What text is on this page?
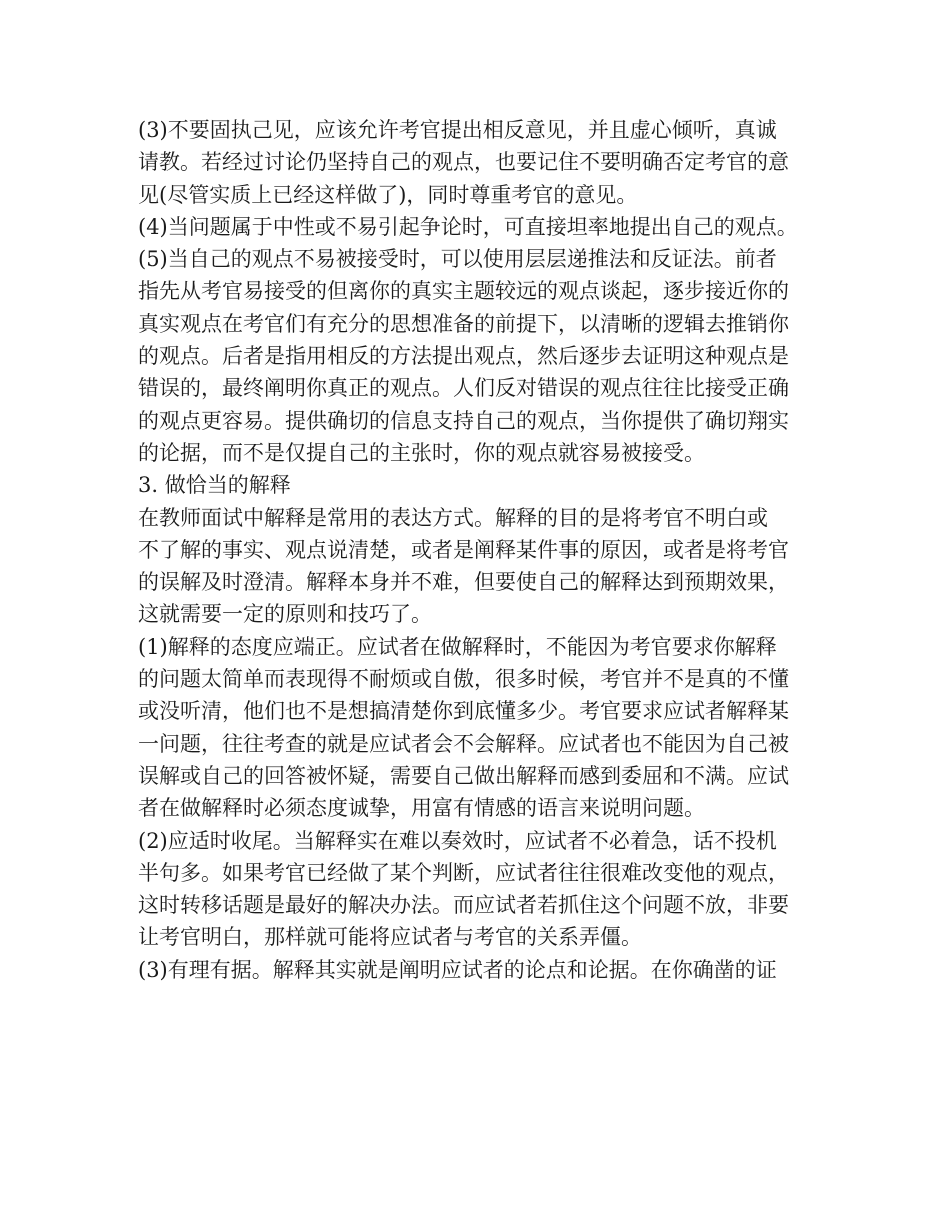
(3)不要固执己见，应该允许考官提出相反意见，并且虚心倾听，真诚
请教。若经过讨论仍坚持自己的观点，也要记住不要明确否定考官的意
见(尽管实质上已经这样做了)，同时尊重考官的意见。
(4)当问题属于中性或不易引起争论时，可直接坦率地提出自己的观点。
(5)当自己的观点不易被接受时，可以使用层层递推法和反证法。前者
指先从考官易接受的但离你的真实主题较远的观点谈起，逐步接近你的
真实观点在考官们有充分的思想准备的前提下，以清晰的逻辑去推销你
的观点。后者是指用相反的方法提出观点，然后逐步去证明这种观点是
错误的，最终阐明你真正的观点。人们反对错误的观点往往比接受正确
的观点更容易。提供确切的信息支持自己的观点，当你提供了确切翔实
的论据，而不是仅提自己的主张时，你的观点就容易被接受。
3. 做恰当的解释
在教师面试中解释是常用的表达方式。解释的目的是将考官不明白或
不了解的事实、观点说清楚，或者是阐释某件事的原因，或者是将考官
的误解及时澄清。解释本身并不难，但要使自己的解释达到预期效果，
这就需要一定的原则和技巧了。
(1)解释的态度应端正。应试者在做解释时，不能因为考官要求你解释
的问题太简单而表现得不耐烦或自傲，很多时候，考官并不是真的不懂
或没听清，他们也不是想搞清楚你到底懂多少。考官要求应试者解释某
一问题，往往考查的就是应试者会不会解释。应试者也不能因为自己被
误解或自己的回答被怀疑，需要自己做出解释而感到委屈和不满。应试
者在做解释时必须态度诚挚，用富有情感的语言来说明问题。
(2)应适时收尾。当解释实在难以奏效时，应试者不必着急，话不投机
半句多。如果考官已经做了某个判断，应试者往往很难改变他的观点，
这时转移话题是最好的解决办法。而应试者若抓住这个问题不放，非要
让考官明白，那样就可能将应试者与考官的关系弄僵。
(3)有理有据。解释其实就是阐明应试者的论点和论据。在你确凿的证
